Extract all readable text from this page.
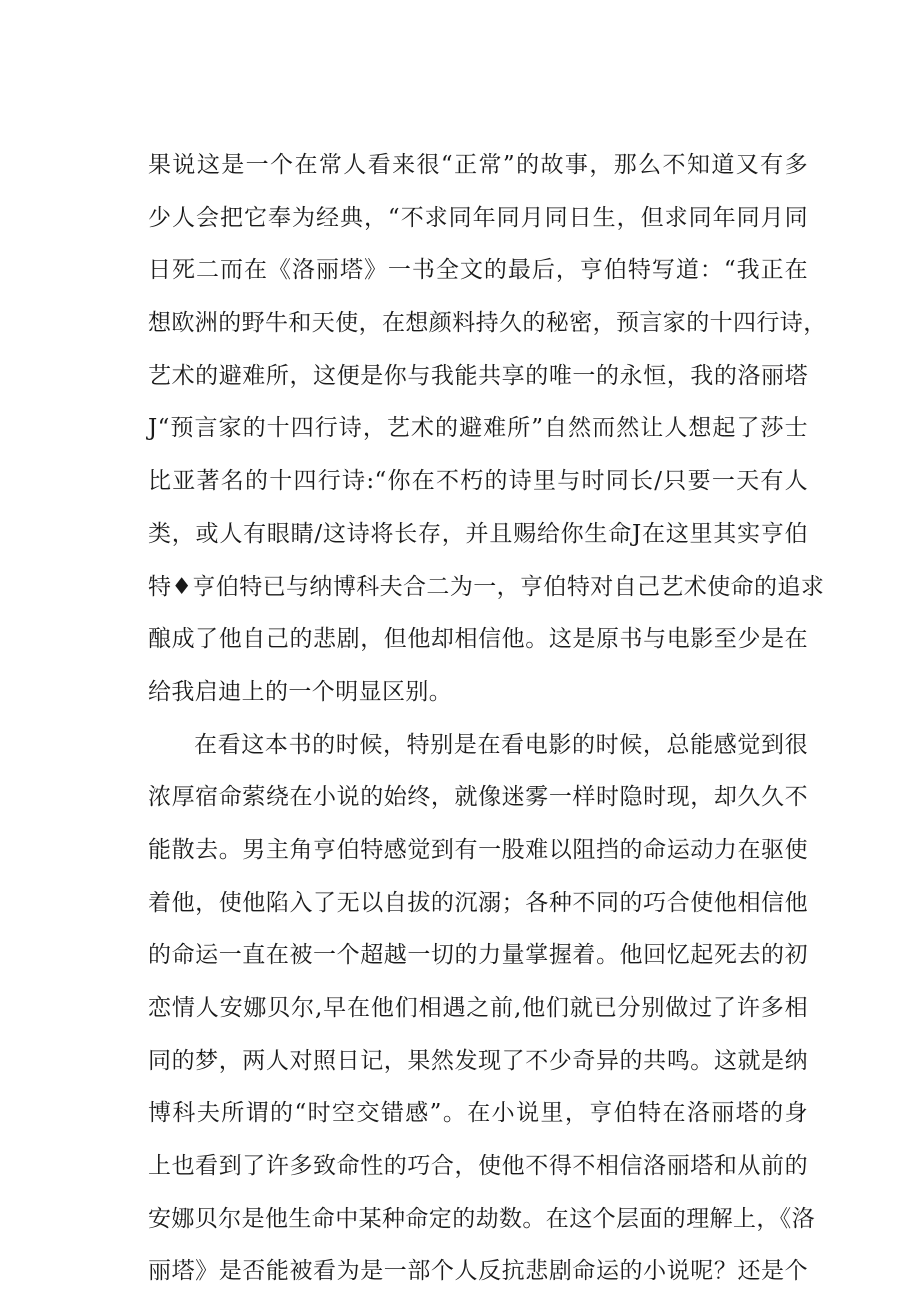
果说这是一个在常人看来很“正常”的故事，那么不知道又有多
少人会把它奉为经典，“不求同年同月同日生，但求同年同月同
日死二而在《洛丽塔》一书全文的最后，亨伯特写道：“我正在
想欧洲的野牛和天使，在想颜料持久的秘密，预言家的十四行诗，
艺术的避难所，这便是你与我能共享的唯一的永恒，我的洛丽塔
J“预言家的十四行诗，艺术的避难所”自然而然让人想起了莎士
比亚著名的十四行诗:“你在不朽的诗里与时同长/只要一天有人
类，或人有眼睛/这诗将长存，并且赐给你生命J在这里其实亨伯
特♦亨伯特已与纳博科夫合二为一，亨伯特对自己艺术使命的追求
酿成了他自己的悲剧，但他却相信他。这是原书与电影至少是在
给我启迪上的一个明显区别。
在看这本书的时候，特别是在看电影的时候，总能感觉到很
浓厚宿命萦绕在小说的始终，就像迷雾一样时隐时现，却久久不
能散去。男主角亨伯特感觉到有一股难以阻挡的命运动力在驱使
着他，使他陷入了无以自拔的沉溺；各种不同的巧合使他相信他
的命运一直在被一个超越一切的力量掌握着。他回忆起死去的初
恋情人安娜贝尔,早在他们相遇之前,他们就已分别做过了许多相
同的梦，两人对照日记，果然发现了不少奇异的共鸣。这就是纳
博科夫所谓的“时空交错感”。在小说里，亨伯特在洛丽塔的身
上也看到了许多致命性的巧合，使他不得不相信洛丽塔和从前的
安娜贝尔是他生命中某种命定的劫数。在这个层面的理解上，《洛
丽塔》是否能被看为是一部个人反抗悲剧命运的小说呢？还是个
